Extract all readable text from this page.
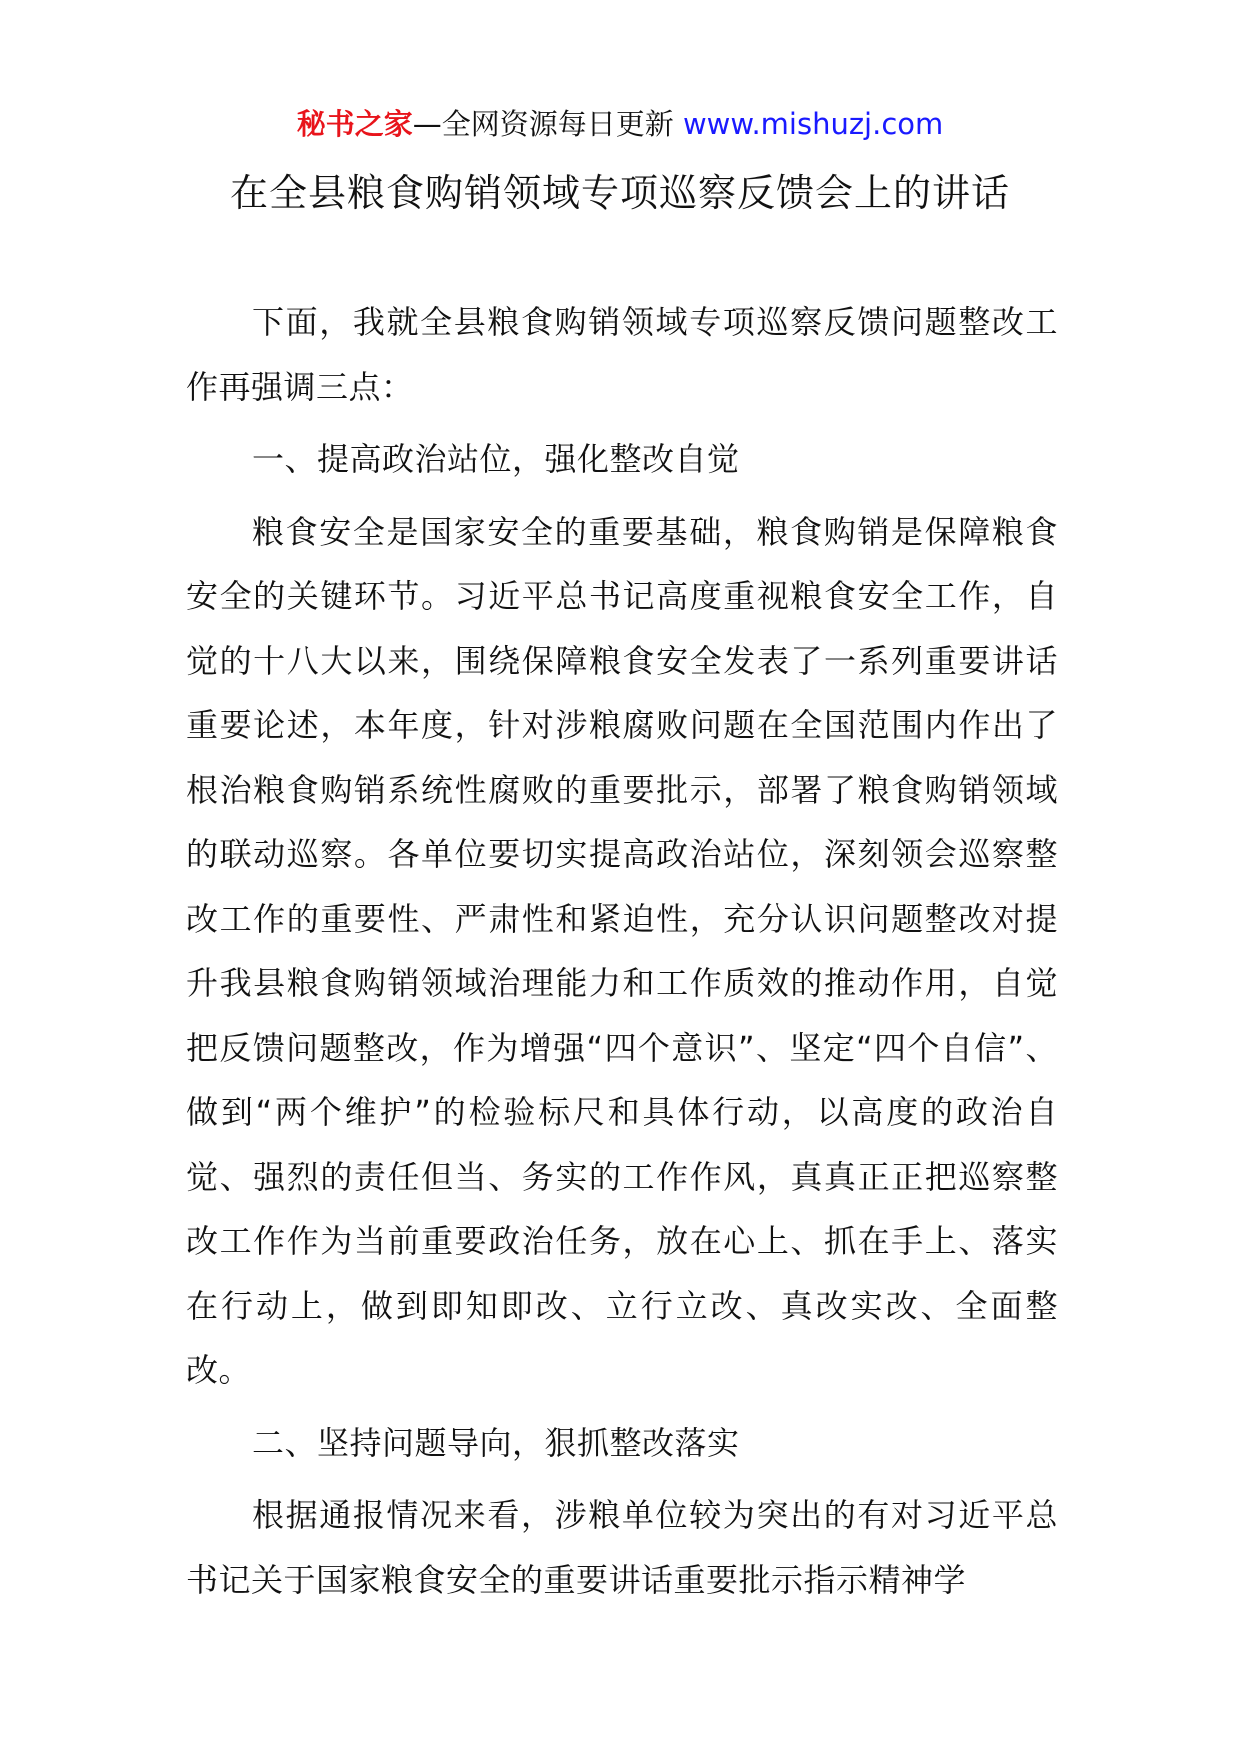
秘书之家—全网资源每日更新 www.mishuzj.com
在全县粮食购销领域专项巡察反馈会上的讲话

下面，我就全县粮食购销领域专项巡察反馈问题整改工作再强调三点：

一、提高政治站位，强化整改自觉

粮食安全是国家安全的重要基础，粮食购销是保障粮食安全的关键环节。习近平总书记高度重视粮食安全工作，自觉的十八大以来，围绕保障粮食安全发表了一系列重要讲话重要论述，本年度，针对涉粮腐败问题在全国范围内作出了根治粮食购销系统性腐败的重要批示，部署了粮食购销领域的联动巡察。各单位要切实提高政治站位，深刻领会巡察整改工作的重要性、严肃性和紧迫性，充分认识问题整改对提升我县粮食购销领域治理能力和工作质效的推动作用，自觉把反馈问题整改，作为增强“四个意识”、坚定“四个自信”、做到“两个维护”的检验标尺和具体行动，以高度的政治自觉、强烈的责任但当、务实的工作作风，真真正正把巡察整改工作作为当前重要政治任务，放在心上、抓在手上、落实在行动上，做到即知即改、立行立改、真改实改、全面整改。

二、坚持问题导向，狠抓整改落实

根据通报情况来看，涉粮单位较为突出的有对习近平总书记关于国家粮食安全的重要讲话重要批示指示精神学
